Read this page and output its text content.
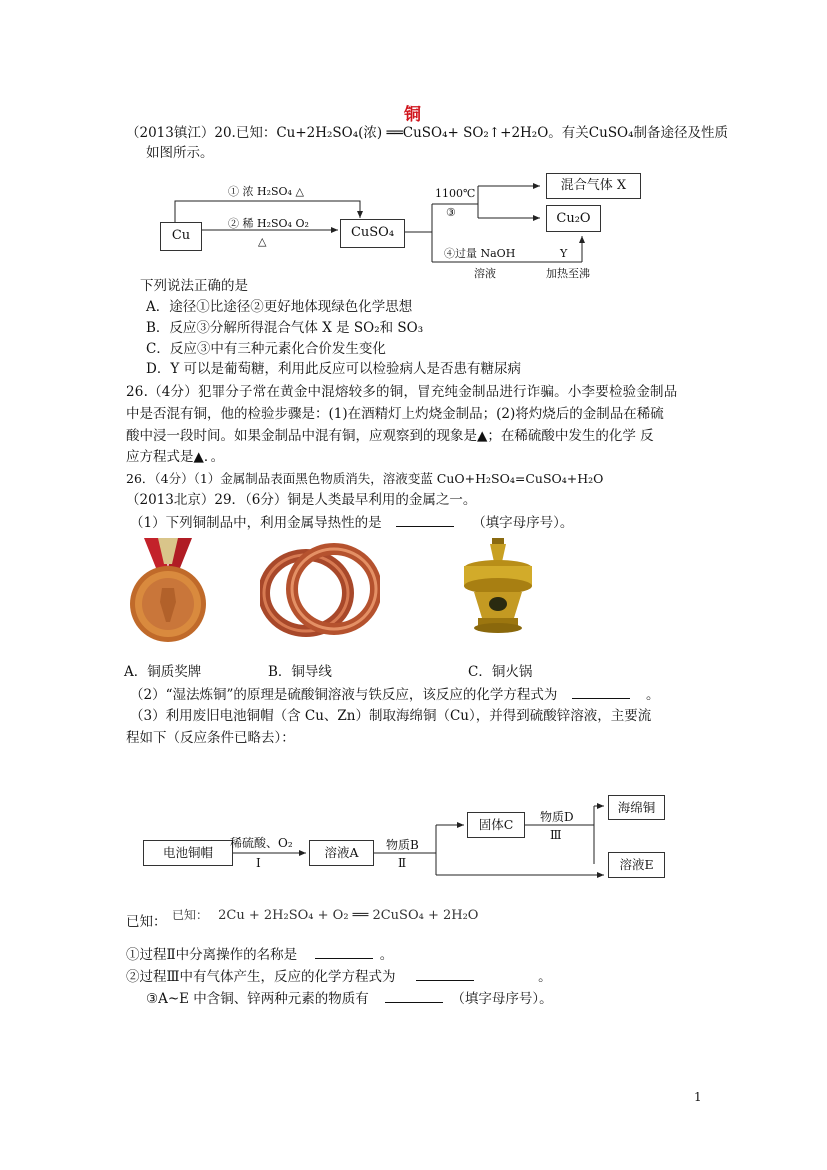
铜
（2013镇江）20.已知：Cu+2H₂SO₄(浓) ══CuSO₄+ SO₂↑+2H₂O。有关CuSO₄制备途径及性质
如图所示。
Cu	CuSO₄
混合气体 X
Cu₂O
① 浓 H₂SO₄ △
② 稀 H₂SO₄ O₂
△
1100℃
③
④过量 NaOH
溶液
Y
加热至沸
下列说法正确的是
A．途径①比途径②更好地体现绿色化学思想
B．反应③分解所得混合气体 X 是 SO₂和 SO₃
C．反应③中有三种元素化合价发生变化
D．Y 可以是葡萄糖，利用此反应可以检验病人是否患有糖尿病
26.（4分）犯罪分子常在黄金中混熔较多的铜，冒充纯金制品进行诈骗。小李要检验金制品
中是否混有铜，他的检验步骤是：(1)在酒精灯上灼烧金制品；(2)将灼烧后的金制品在稀硫
酸中浸一段时间。如果金制品中混有铜，应观察到的现象是▲；在稀硫酸中发生的化学 反
应方程式是▲．。
26．（4分）（1）金属制品表面黑色物质消失，溶液变蓝 CuO+H₂SO₄=CuSO₄+H₂O
（2013北京）29．（6分）铜是人类最早利用的金属之一。
（1）下列铜制品中，利用金属导热性的是	（填字母序号）。
A．铜质奖牌	B．铜导线	C．铜火锅
（2）“湿法炼铜”的原理是硫酸铜溶液与铁反应，该反应的化学方程式为	。
（3）利用废旧电池铜帽（含 Cu、Zn）制取海绵铜（Cu），并得到硫酸锌溶液，主要流
程如下（反应条件已略去）：
电池铜帽	溶液A
固体C
海绵铜
溶液E
稀硫酸、O₂
Ⅰ
物质B
Ⅱ
物质D
Ⅲ
已知： 已知： 2Cu + 2H₂SO₄ + O₂ ══ 2CuSO₄ + 2H₂O
①过程Ⅱ中分离操作的名称是	。
②过程Ⅲ中有气体产生，反应的化学方程式为	。
③A~E 中含铜、锌两种元素的物质有	（填字母序号）。
1
